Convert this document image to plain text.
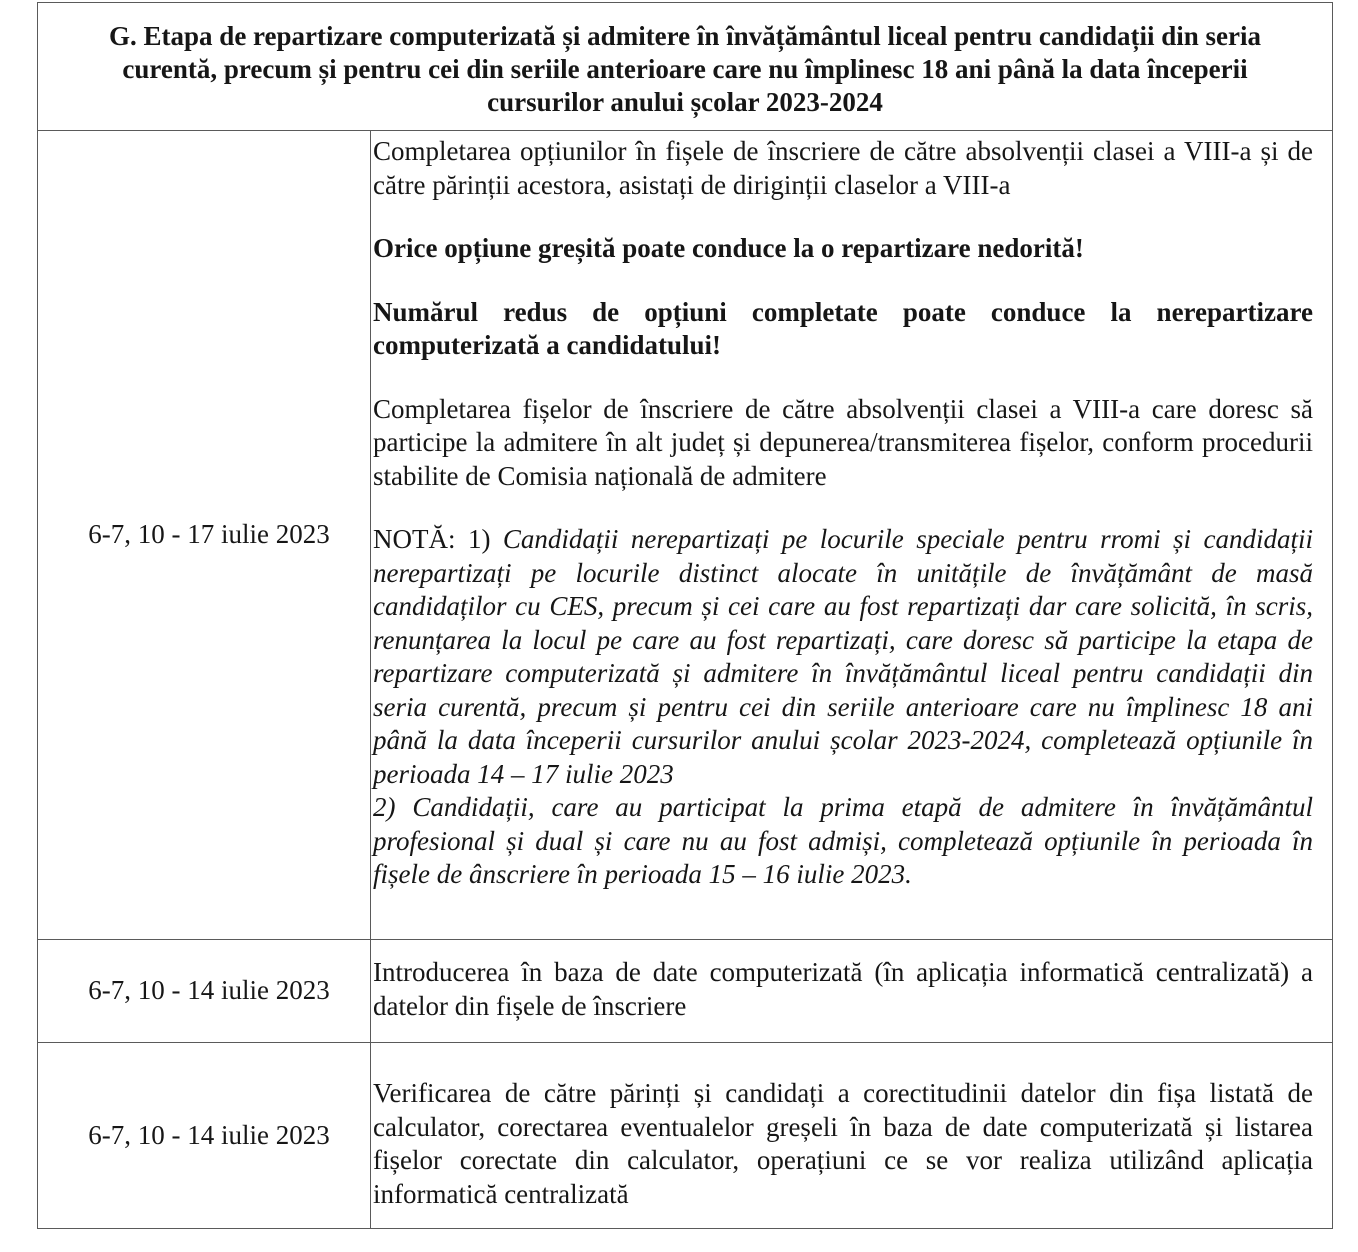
G. Etapa de repartizare computerizată și admitere în învățământul liceal pentru candidații din seria curentă, precum și pentru cei din seriile anterioare care nu împlinesc 18 ani până la data începerii cursurilor anului școlar 2023-2024
6-7, 10 - 17 iulie 2023

Completarea opțiunilor în fișele de înscriere de către absolvenții clasei a VIII-a și de către părinții acestora, asistați de diriginții claselor a VIII-a

Orice opțiune greșită poate conduce la o repartizare nedorită!

Numărul redus de opțiuni completate poate conduce la nerepartizare computerizată a candidatului!

Completarea fișelor de înscriere de către absolvenții clasei a VIII-a care doresc să participe la admitere în alt județ și depunerea/transmiterea fișelor, conform procedurii stabilite de Comisia națională de admitere

NOTĂ: 1) Candidații nerepartizați pe locurile speciale pentru rromi și candidații nerepartizați pe locurile distinct alocate în unitățile de învățământ de masă candidaților cu CES, precum și cei care au fost repartizați dar care solicită, în scris, renunțarea la locul pe care au fost repartizați, care doresc să participe la etapa de repartizare computerizată și admitere în învățământul liceal pentru candidații din seria curentă, precum și pentru cei din seriile anterioare care nu împlinesc 18 ani până la data începerii cursurilor anului școlar 2023-2024, completează opțiunile în perioada 14 – 17 iulie 2023

2) Candidații, care au participat la prima etapă de admitere în învățământul profesional și dual și care nu au fost admiși, completează opțiunile în perioada în fișele de ânscriere în perioada 15 – 16 iulie 2023.

6-7, 10 - 14 iulie 2023

Introducerea în baza de date computerizată (în aplicația informatică centralizată) a datelor din fișele de înscriere

6-7, 10 - 14 iulie 2023

Verificarea de către părinți și candidați a corectitudinii datelor din fișa listată de calculator, corectarea eventualelor greșeli în baza de date computerizată și listarea fișelor corectate din calculator, operațiuni ce se vor realiza utilizând aplicația informatică centralizată
